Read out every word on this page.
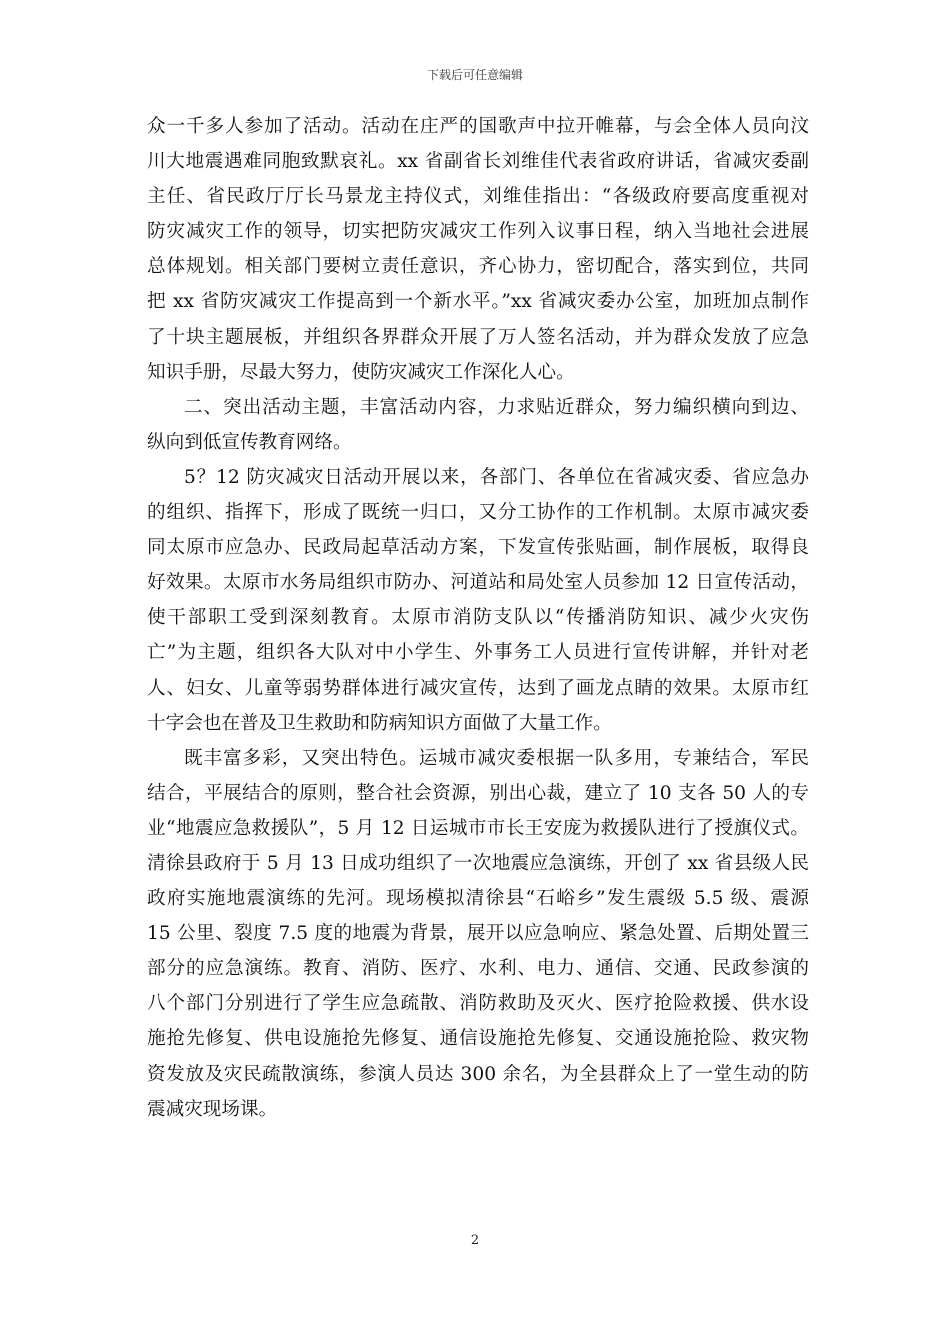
下载后可任意编辑
众一千多人参加了活动。活动在庄严的国歌声中拉开帷幕，与会全体人员向汶
川大地震遇难同胞致默哀礼。xx 省副省长刘维佳代表省政府讲话，省减灾委副
主任、省民政厅厅长马景龙主持仪式，刘维佳指出：“各级政府要高度重视对
防灾减灾工作的领导，切实把防灾减灾工作列入议事日程，纳入当地社会进展
总体规划。相关部门要树立责任意识，齐心协力，密切配合，落实到位，共同
把 xx 省防灾减灾工作提高到一个新水平。”xx 省减灾委办公室，加班加点制作
了十块主题展板，并组织各界群众开展了万人签名活动，并为群众发放了应急
知识手册，尽最大努力，使防灾减灾工作深化人心。
二、突出活动主题，丰富活动内容，力求贴近群众，努力编织横向到边、
纵向到低宣传教育网络。
5？12 防灾减灾日活动开展以来，各部门、各单位在省减灾委、省应急办
的组织、指挥下，形成了既统一归口，又分工协作的工作机制。太原市减灾委
同太原市应急办、民政局起草活动方案，下发宣传张贴画，制作展板，取得良
好效果。太原市水务局组织市防办、河道站和局处室人员参加 12 日宣传活动，
使干部职工受到深刻教育。太原市消防支队以“传播消防知识、减少火灾伤
亡”为主题，组织各大队对中小学生、外事务工人员进行宣传讲解，并针对老
人、妇女、儿童等弱势群体进行减灾宣传，达到了画龙点睛的效果。太原市红
十字会也在普及卫生救助和防病知识方面做了大量工作。
既丰富多彩，又突出特色。运城市减灾委根据一队多用，专兼结合，军民
结合，平展结合的原则，整合社会资源，别出心裁，建立了 10 支各 50 人的专
业“地震应急救援队”，5 月 12 日运城市市长王安庞为救援队进行了授旗仪式。
清徐县政府于 5 月 13 日成功组织了一次地震应急演练，开创了 xx 省县级人民
政府实施地震演练的先河。现场模拟清徐县“石峪乡”发生震级 5.5 级、震源
15 公里、裂度 7.5 度的地震为背景，展开以应急响应、紧急处置、后期处置三
部分的应急演练。教育、消防、医疗、水利、电力、通信、交通、民政参演的
八个部门分别进行了学生应急疏散、消防救助及灭火、医疗抢险救援、供水设
施抢先修复、供电设施抢先修复、通信设施抢先修复、交通设施抢险、救灾物
资发放及灾民疏散演练，参演人员达 300 余名，为全县群众上了一堂生动的防
震减灾现场课。
2
